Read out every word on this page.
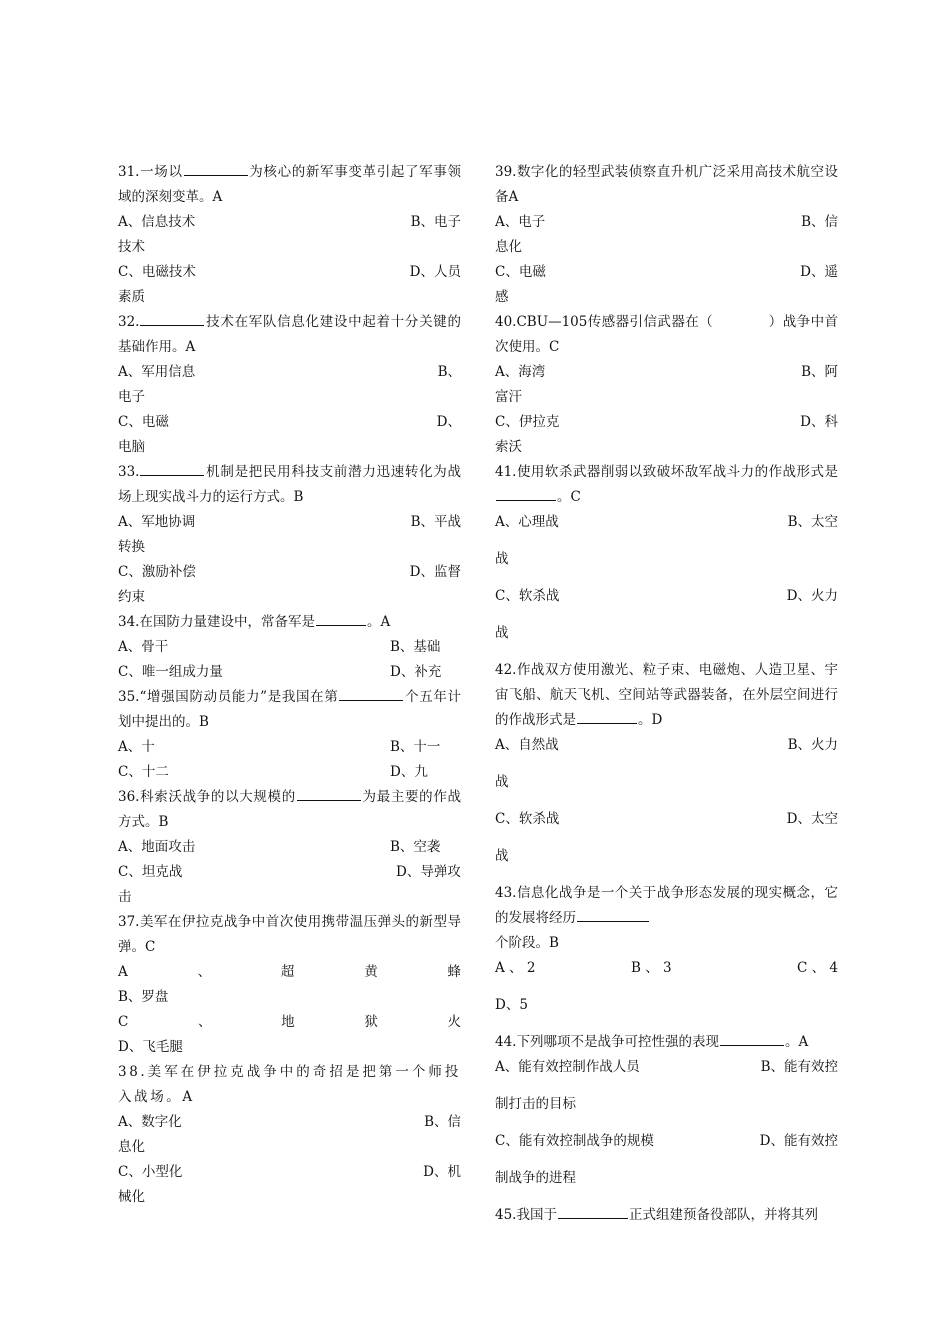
31.一场以	为核心的新军事变革引起了军事领域的深刻变革。A
A、信息技术	B、电子
技术
C、电磁技术	D、人员
素质
32.	技术在军队信息化建设中起着十分关键的基础作用。A
A、军用信息	B、
电子
C、电磁	D、
电脑
33.	机制是把民用科技支前潜力迅速转化为战场上现实战斗力的运行方式。B
A、军地协调	B、平战
转换
C、激励补偿	D、监督
约束
34.在国防力量建设中，常备军是	。A
A、骨干	B、基础
C、唯一组成力量	D、补充
35.“增强国防动员能力”是我国在第	个五年计划中提出的。B
A、十	B、十一
C、十二	D、九
36.科索沃战争的以大规模的	为最主要的作战方式。B
A、地面攻击	B、空袭
C、坦克战	D、导弹攻
击
37.美军在伊拉克战争中首次使用携带温压弹头的新型导弹。C
A	、	超	黄	蜂
B、罗盘
C	、	地	狱	火
D、飞毛腿
38.美军在伊拉克战争中的奇招是把第一个师投入战场。A
A、数字化	B、信
息化
C、小型化	D、机
械化
39.数字化的轻型武装侦察直升机广泛采用高技术航空设备A
A、电子	B、信
息化
C、电磁	D、遥
感
40.CBU—105传感器引信武器在（　　　　）战争中首次使用。C
A、海湾	B、阿
富汗
C、伊拉克	D、科
索沃
41.使用软杀武器削弱以致破坏敌军战斗力的作战形式是。C
A、心理战	B、太空
战
C、软杀战	D、火力
战
42.作战双方使用激光、粒子束、电磁炮、人造卫星、宇宙飞船、航天飞机、空间站等武器装备，在外层空间进行的作战形式是	。D
A、自然战	B、火力
战
C、软杀战	D、太空
战
43.信息化战争是一个关于战争形态发展的现实概念，它的发展将经历
个阶段。B
A 、 2	B 、 3	C 、 4
D、5
44.下列哪项不是战争可控性强的表现	。A
A、能有效控制作战人员	B、能有效控
制打击的目标
C、能有效控制战争的规模	D、能有效控
制战争的进程
45.我国于	正式组建预备役部队，并将其列
